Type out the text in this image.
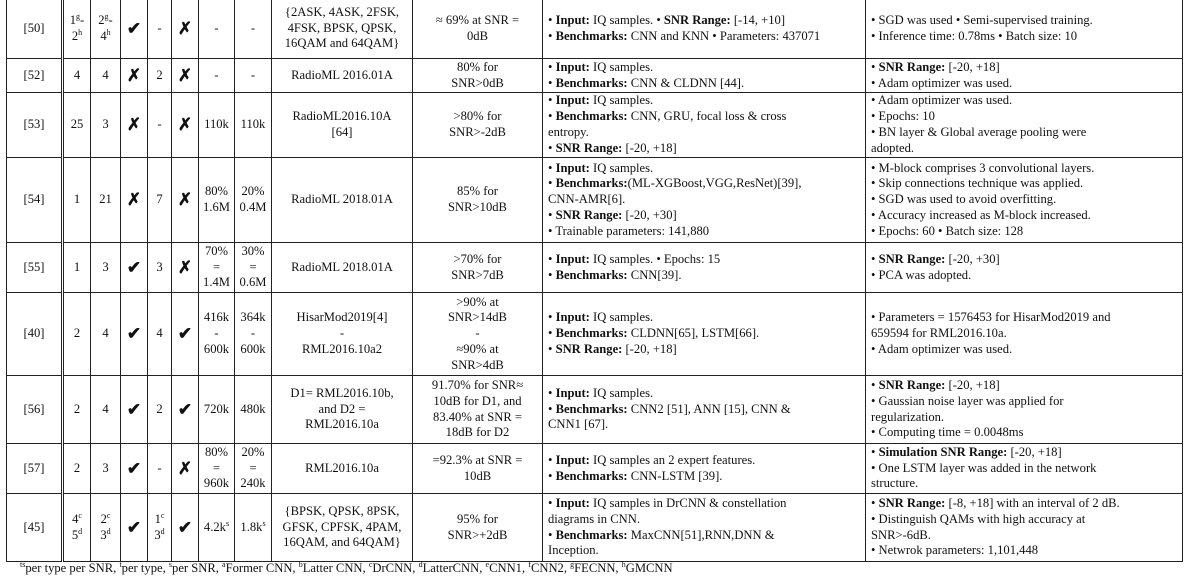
[50]	1$^g$-
2$^h$	2$^g$-
4$^h$	✔	-	✗	-	-	{2ASK, 4ASK, 2FSK,
4FSK, BPSK, QPSK,
16QAM and 64QAM}	≈ 69% at SNR =
0dB	• Input: IQ samples. • SNR Range: [-14, +10]
• Benchmarks: CNN and KNN • Parameters: 437071	• SGD was used • Semi-supervised training.
• Inference time: 0.78ms • Batch size: 10
[52]	4	4	✗	2	✗	-	-	RadioML 2016.01A	80% for
SNR>0dB	• Input: IQ samples.
• Benchmarks: CNN & CLDNN [44].	• SNR Range: [-20, +18]
• Adam optimizer was used.
[53]	25	3	✗	-	✗	110k	110k	RadioML2016.10A
[64]	>80% for
SNR>-2dB	• Input: IQ samples.
• Benchmarks: CNN, GRU, focal loss & cross
entropy.
• SNR Range: [-20, +18]	• Adam optimizer was used.
• Epochs: 10
• BN layer & Global average pooling were
adopted.
[54]	1	21	✗	7	✗	80%
1.6M	20%
0.4M	RadioML 2018.01A	85% for
SNR>10dB	• Input: IQ samples.
• Benchmarks:(ML-XGBoost,VGG,ResNet)[39],
CNN-AMR[6].
• SNR Range: [-20, +30]
• Trainable parameters: 141,880	• M-block comprises 3 convolutional layers.
• Skip connections technique was applied.
• SGD was used to avoid overfitting.
• Accuracy increased as M-block increased.
• Epochs: 60 • Batch size: 128
[55]	1	3	✔	3	✗	70%
=
1.4M	30%
=
0.6M	RadioML 2018.01A	>70% for
SNR>7dB	• Input: IQ samples. • Epochs: 15
• Benchmarks: CNN[39].	• SNR Range: [-20, +30]
• PCA was adopted.
[40]	2	4	✔	4	✔	416k
-
600k	364k
-
600k	HisarMod2019[4]
-
RML2016.10a2	>90% at
SNR>14dB
-
≈90% at
SNR>4dB	• Input: IQ samples.
• Benchmarks: CLDNN[65], LSTM[66].
• SNR Range: [-20, +18]	• Parameters = 1576453 for HisarMod2019 and
659594 for RML2016.10a.
• Adam optimizer was used.
[56]	2	4	✔	2	✔	720k	480k	D1= RML2016.10b,
and D2 =
RML2016.10a	91.70% for SNR≈
10dB for D1, and
83.40% at SNR =
18dB for D2	• Input: IQ samples.
• Benchmarks: CNN2 [51], ANN [15], CNN &
CNN1 [67].	• SNR Range: [-20, +18]
• Gaussian noise layer was applied for
regularization.
• Computing time = 0.0048ms
[57]	2	3	✔	-	✗	80%
=
960k	20%
=
240k	RML2016.10a	=92.3% at SNR =
10dB	• Input: IQ samples an 2 expert features.
• Benchmarks: CNN-LSTM [39].	• Simulation SNR Range: [-20, +18]
• One LSTM layer was added in the network
structure.
[45]	4$^c$
5$^d$	2$^c$
3$^d$	✔	1$^c$
3$^d$	✔	$4.2k^s$	$1.8k^s$	{BPSK, QPSK, 8PSK,
GFSK, CPFSK, 4PAM,
16QAM, and 64QAM}	95% for
SNR>+2dB	• Input: IQ samples in DrCNN & constellation
diagrams in CNN.
• Benchmarks: MaxCNN[51],RNN,DNN &
Inception.	• SNR Range: [-8, +18] with an interval of 2 dB.
• Distinguish QAMs with high accuracy at
SNR>-6dB.
• Netwrok parameters: 1,101,448
$^{ts}$per type per SNR, $^t$per type, $^s$per SNR, $^a$Former CNN, $^b$Latter CNN, $^c$DrCNN, $^d$LatterCNN, $^e$CNN1, $^f$CNN2, $^g$FECNN, $^h$GMCNN
